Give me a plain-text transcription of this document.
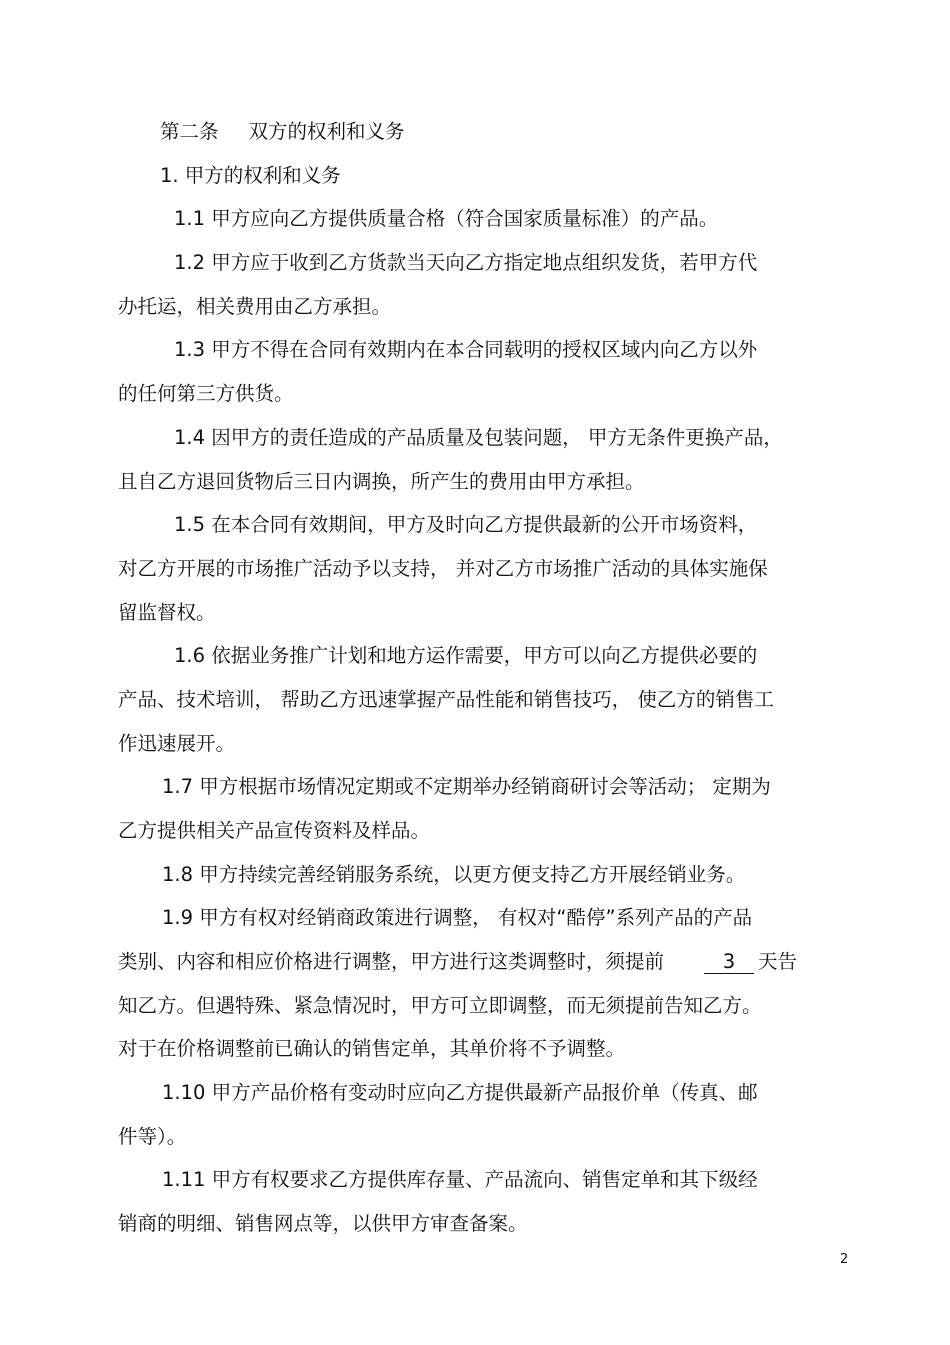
第二条 双方的权利和义务
1. 甲方的权利和义务
1.1 甲方应向乙方提供质量合格（符合国家质量标准）的产品。
1.2 甲方应于收到乙方货款当天向乙方指定地点组织发货，若甲方代
办托运，相关费用由乙方承担。
1.3 甲方不得在合同有效期内在本合同载明的授权区域内向乙方以外
的任何第三方供货。
1.4 因甲方的责任造成的产品质量及包装问题， 甲方无条件更换产品，
且自乙方退回货物后三日内调换，所产生的费用由甲方承担。
1.5 在本合同有效期间，甲方及时向乙方提供最新的公开市场资料，
对乙方开展的市场推广活动予以支持， 并对乙方市场推广活动的具体实施保
留监督权。
1.6 依据业务推广计划和地方运作需要，甲方可以向乙方提供必要的
产品、技术培训， 帮助乙方迅速掌握产品性能和销售技巧， 使乙方的销售工
作迅速展开。
1.7 甲方根据市场情况定期或不定期举办经销商研讨会等活动； 定期为
乙方提供相关产品宣传资料及样品。
1.8 甲方持续完善经销服务系统，以更方便支持乙方开展经销业务。
1.9 甲方有权对经销商政策进行调整， 有权对“酷停”系列产品的产品
类别、内容和相应价格进行调整，甲方进行这类调整时，须提前	3 天告
知乙方。但遇特殊、紧急情况时，甲方可立即调整，而无须提前告知乙方。
对于在价格调整前已确认的销售定单，其单价将不予调整。
1.10 甲方产品价格有变动时应向乙方提供最新产品报价单（传真、邮
件等）。
1.11 甲方有权要求乙方提供库存量、产品流向、销售定单和其下级经
销商的明细、销售网点等，以供甲方审查备案。
2
